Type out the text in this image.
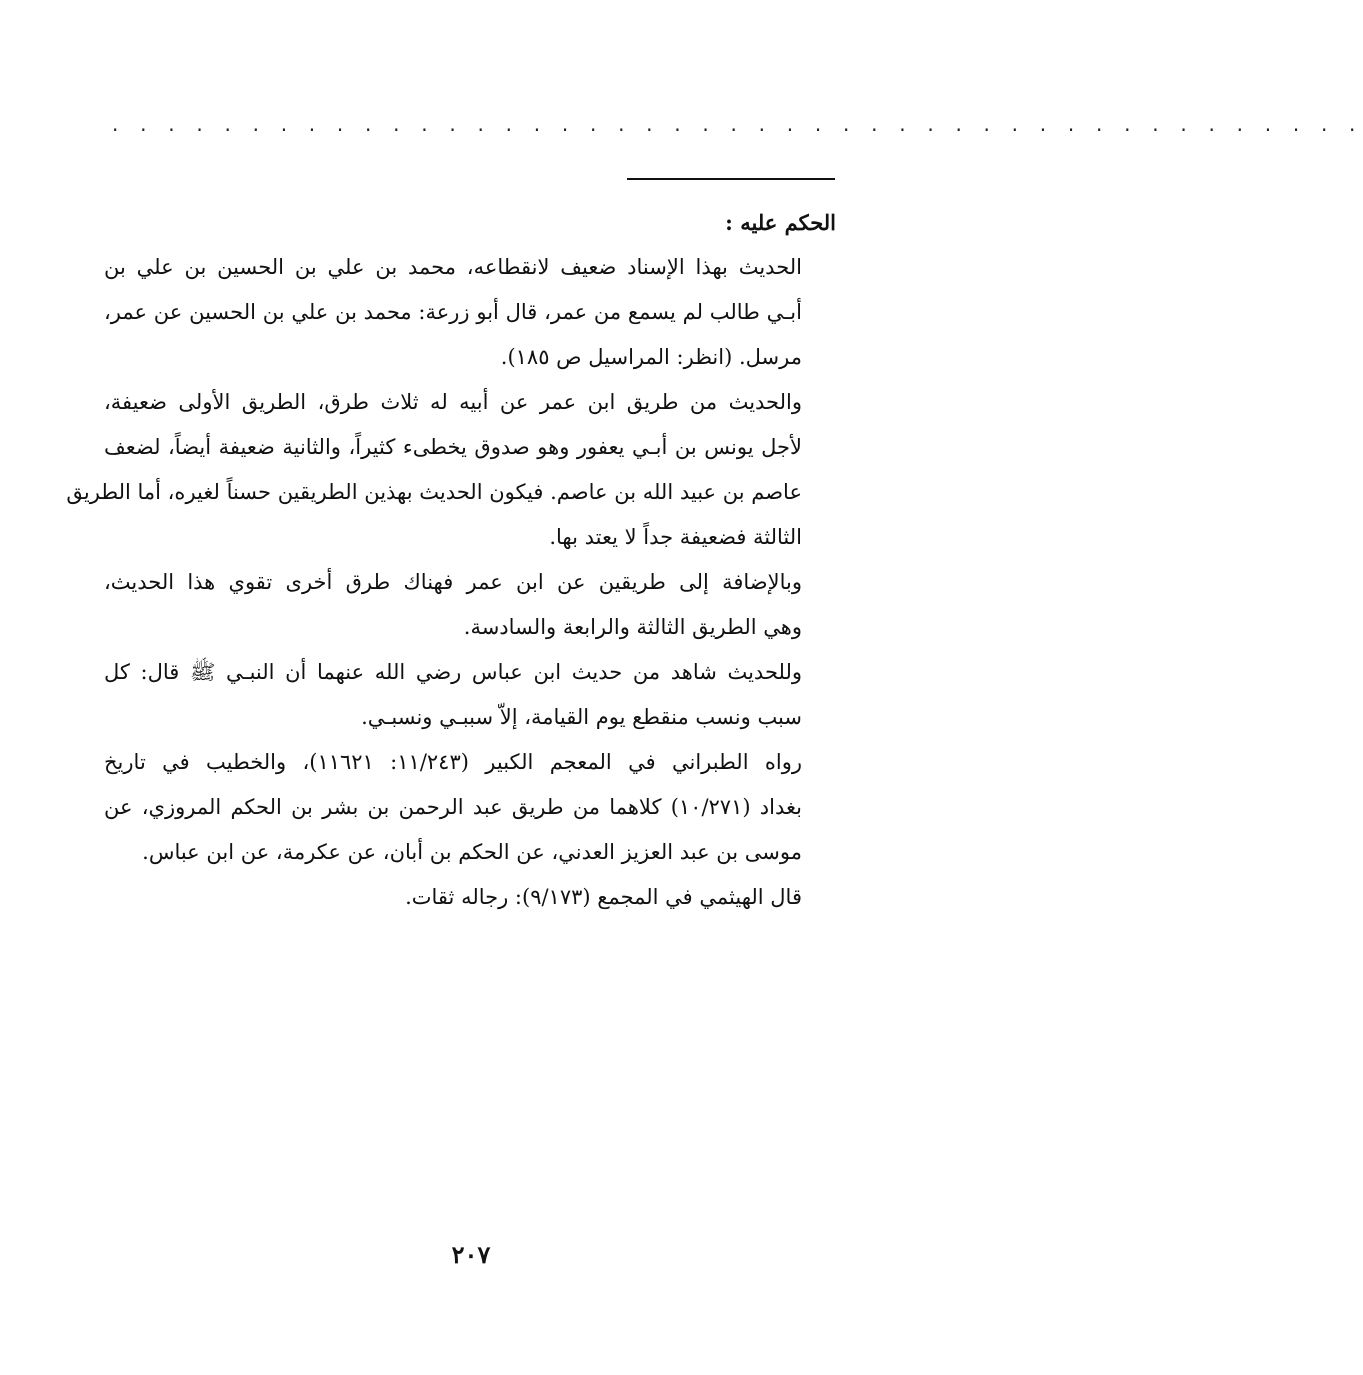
. . . . . . . . . . . . . . . . . . . . . . . . . . . . . . . . . . . . . . . . . . . . .

الحكم عليه :

الحديث بهذا الإسناد ضعيف لانقطاعه، محمد بن علي بن الحسين بن علي بن
أبـي طالب لم يسمع من عمر، قال أبو زرعة: محمد بن علي بن الحسين عن عمر،
مرسل. (انظر: المراسيل ص ١٨٥).

والحديث من طريق ابن عمر عن أبيه له ثلاث طرق، الطريق الأولى ضعيفة،
لأجل يونس بن أبـي يعفور وهو صدوق يخطىء كثيراً، والثانية ضعيفة أيضاً، لضعف
عاصم بن عبيد الله بن عاصم. فيكون الحديث بهذين الطريقين حسناً لغيره، أما الطريق
الثالثة فضعيفة جداً لا يعتد بها.

وبالإضافة إلى طريقين عن ابن عمر فهناك طرق أخرى تقوي هذا الحديث،
وهي الطريق الثالثة والرابعة والسادسة.

وللحديث شاهد من حديث ابن عباس رضي الله عنهما أن النبـي ﷺ قال: كل
سبب ونسب منقطع يوم القيامة، إلاّ سببـي ونسبـي.

رواه الطبراني في المعجم الكبير (١١/٢٤٣: ١١٦٢١)، والخطيب في تاريخ
بغداد (١٠/٢٧١) كلاهما من طريق عبد الرحمن بن بشر بن الحكم المروزي، عن
موسى بن عبد العزيز العدني، عن الحكم بن أبان، عن عكرمة، عن ابن عباس.

قال الهيثمي في المجمع (٩/١٧٣): رجاله ثقات.

٢٠٧
